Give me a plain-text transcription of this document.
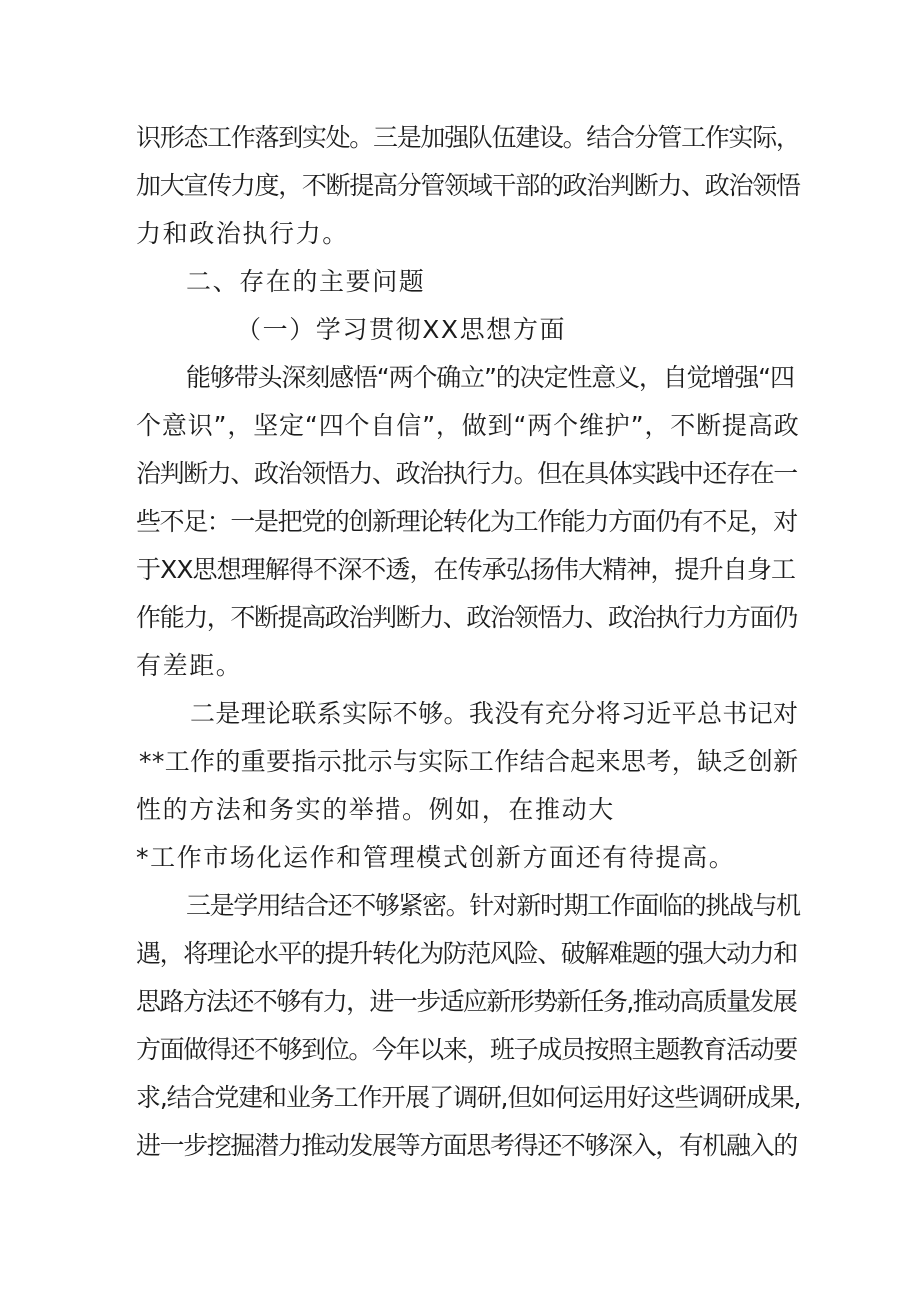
识形态工作落到实处。三是加强队伍建设。结合分管工作实际，
加大宣传力度，不断提高分管领域干部的政治判断力、政治领悟
力和政治执行力。
二、存在的主要问题
（一）学习贯彻XX思想方面
能够带头深刻感悟“两个确立”的决定性意义，自觉增强“四
个意识”，坚定“四个自信”，做到“两个维护”，不断提高政
治判断力、政治领悟力、政治执行力。但在具体实践中还存在一
些不足：一是把党的创新理论转化为工作能力方面仍有不足，对
于XX思想理解得不深不透，在传承弘扬伟大精神，提升自身工
作能力，不断提高政治判断力、政治领悟力、政治执行力方面仍
有差距。
二是理论联系实际不够。我没有充分将习近平总书记对
**工作的重要指示批示与实际工作结合起来思考，缺乏创新
性的方法和务实的举措。例如，在推动大
*工作市场化运作和管理模式创新方面还有待提高。
三是学用结合还不够紧密。针对新时期工作面临的挑战与机
遇，将理论水平的提升转化为防范风险、破解难题的强大动力和
思路方法还不够有力，进一步适应新形势新任务,推动高质量发展
方面做得还不够到位。今年以来，班子成员按照主题教育活动要
求,结合党建和业务工作开展了调研,但如何运用好这些调研成果,
进一步挖掘潜力推动发展等方面思考得还不够深入，有机融入的
